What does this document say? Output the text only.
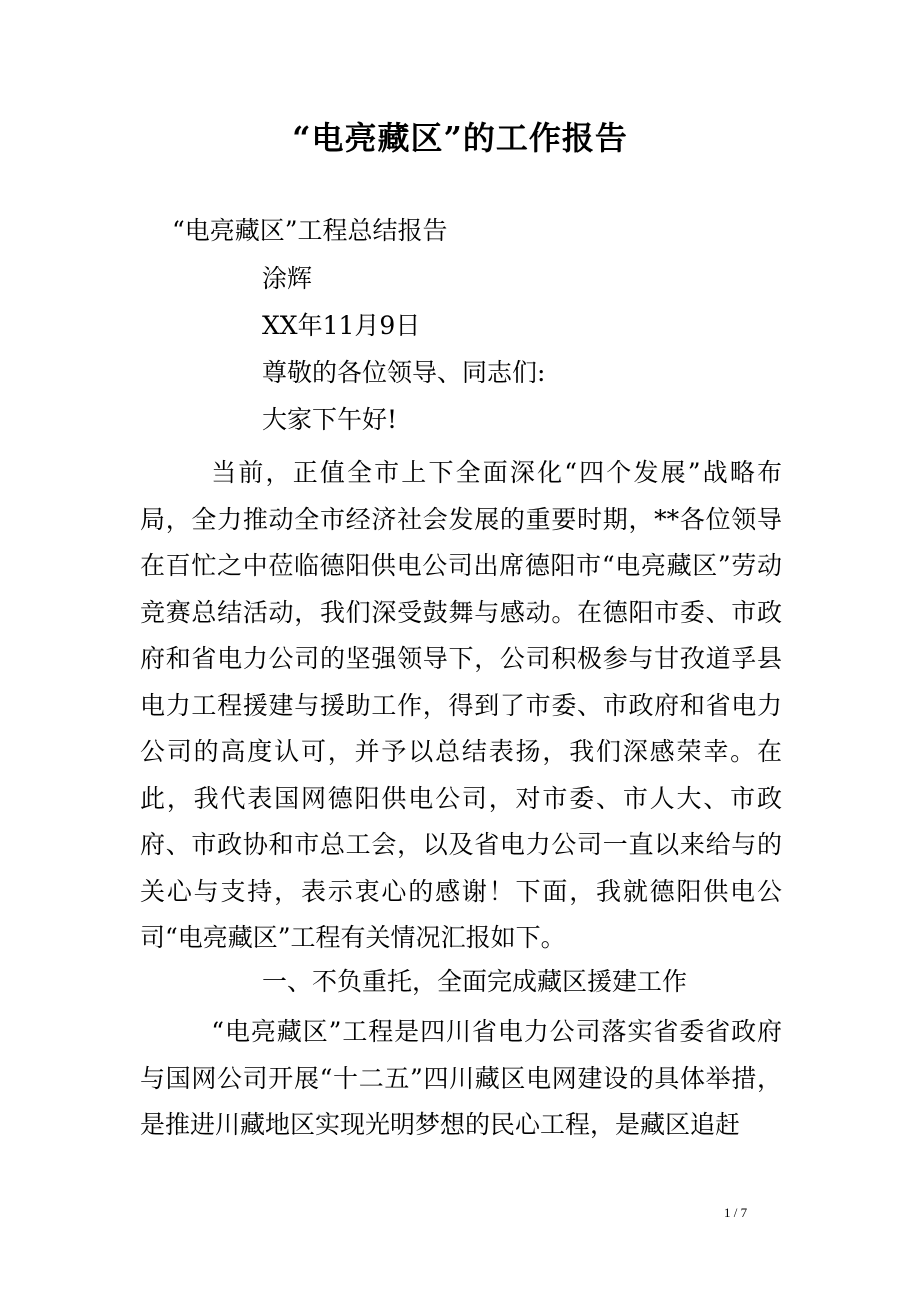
“电亮藏区”的工作报告
“电亮藏区”工程总结报告
涂辉
XX年11月9日
尊敬的各位领导、同志们:
大家下午好!
当前，正值全市上下全面深化“四个发展”战略布局，全力推动全市经济社会发展的重要时期，**各位领导在百忙之中莅临德阳供电公司出席德阳市“电亮藏区”劳动竞赛总结活动，我们深受鼓舞与感动。在德阳市委、市政府和省电力公司的坚强领导下，公司积极参与甘孜道孚县电力工程援建与援助工作，得到了市委、市政府和省电力公司的高度认可，并予以总结表扬，我们深感荣幸。在此，我代表国网德阳供电公司，对市委、市人大、市政府、市政协和市总工会，以及省电力公司一直以来给与的关心与支持，表示衷心的感谢！下面，我就德阳供电公司“电亮藏区”工程有关情况汇报如下。
一、不负重托，全面完成藏区援建工作
“电亮藏区”工程是四川省电力公司落实省委省政府与国网公司开展“十二五”四川藏区电网建设的具体举措，是推进川藏地区实现光明梦想的民心工程，是藏区追赶
1 / 7
